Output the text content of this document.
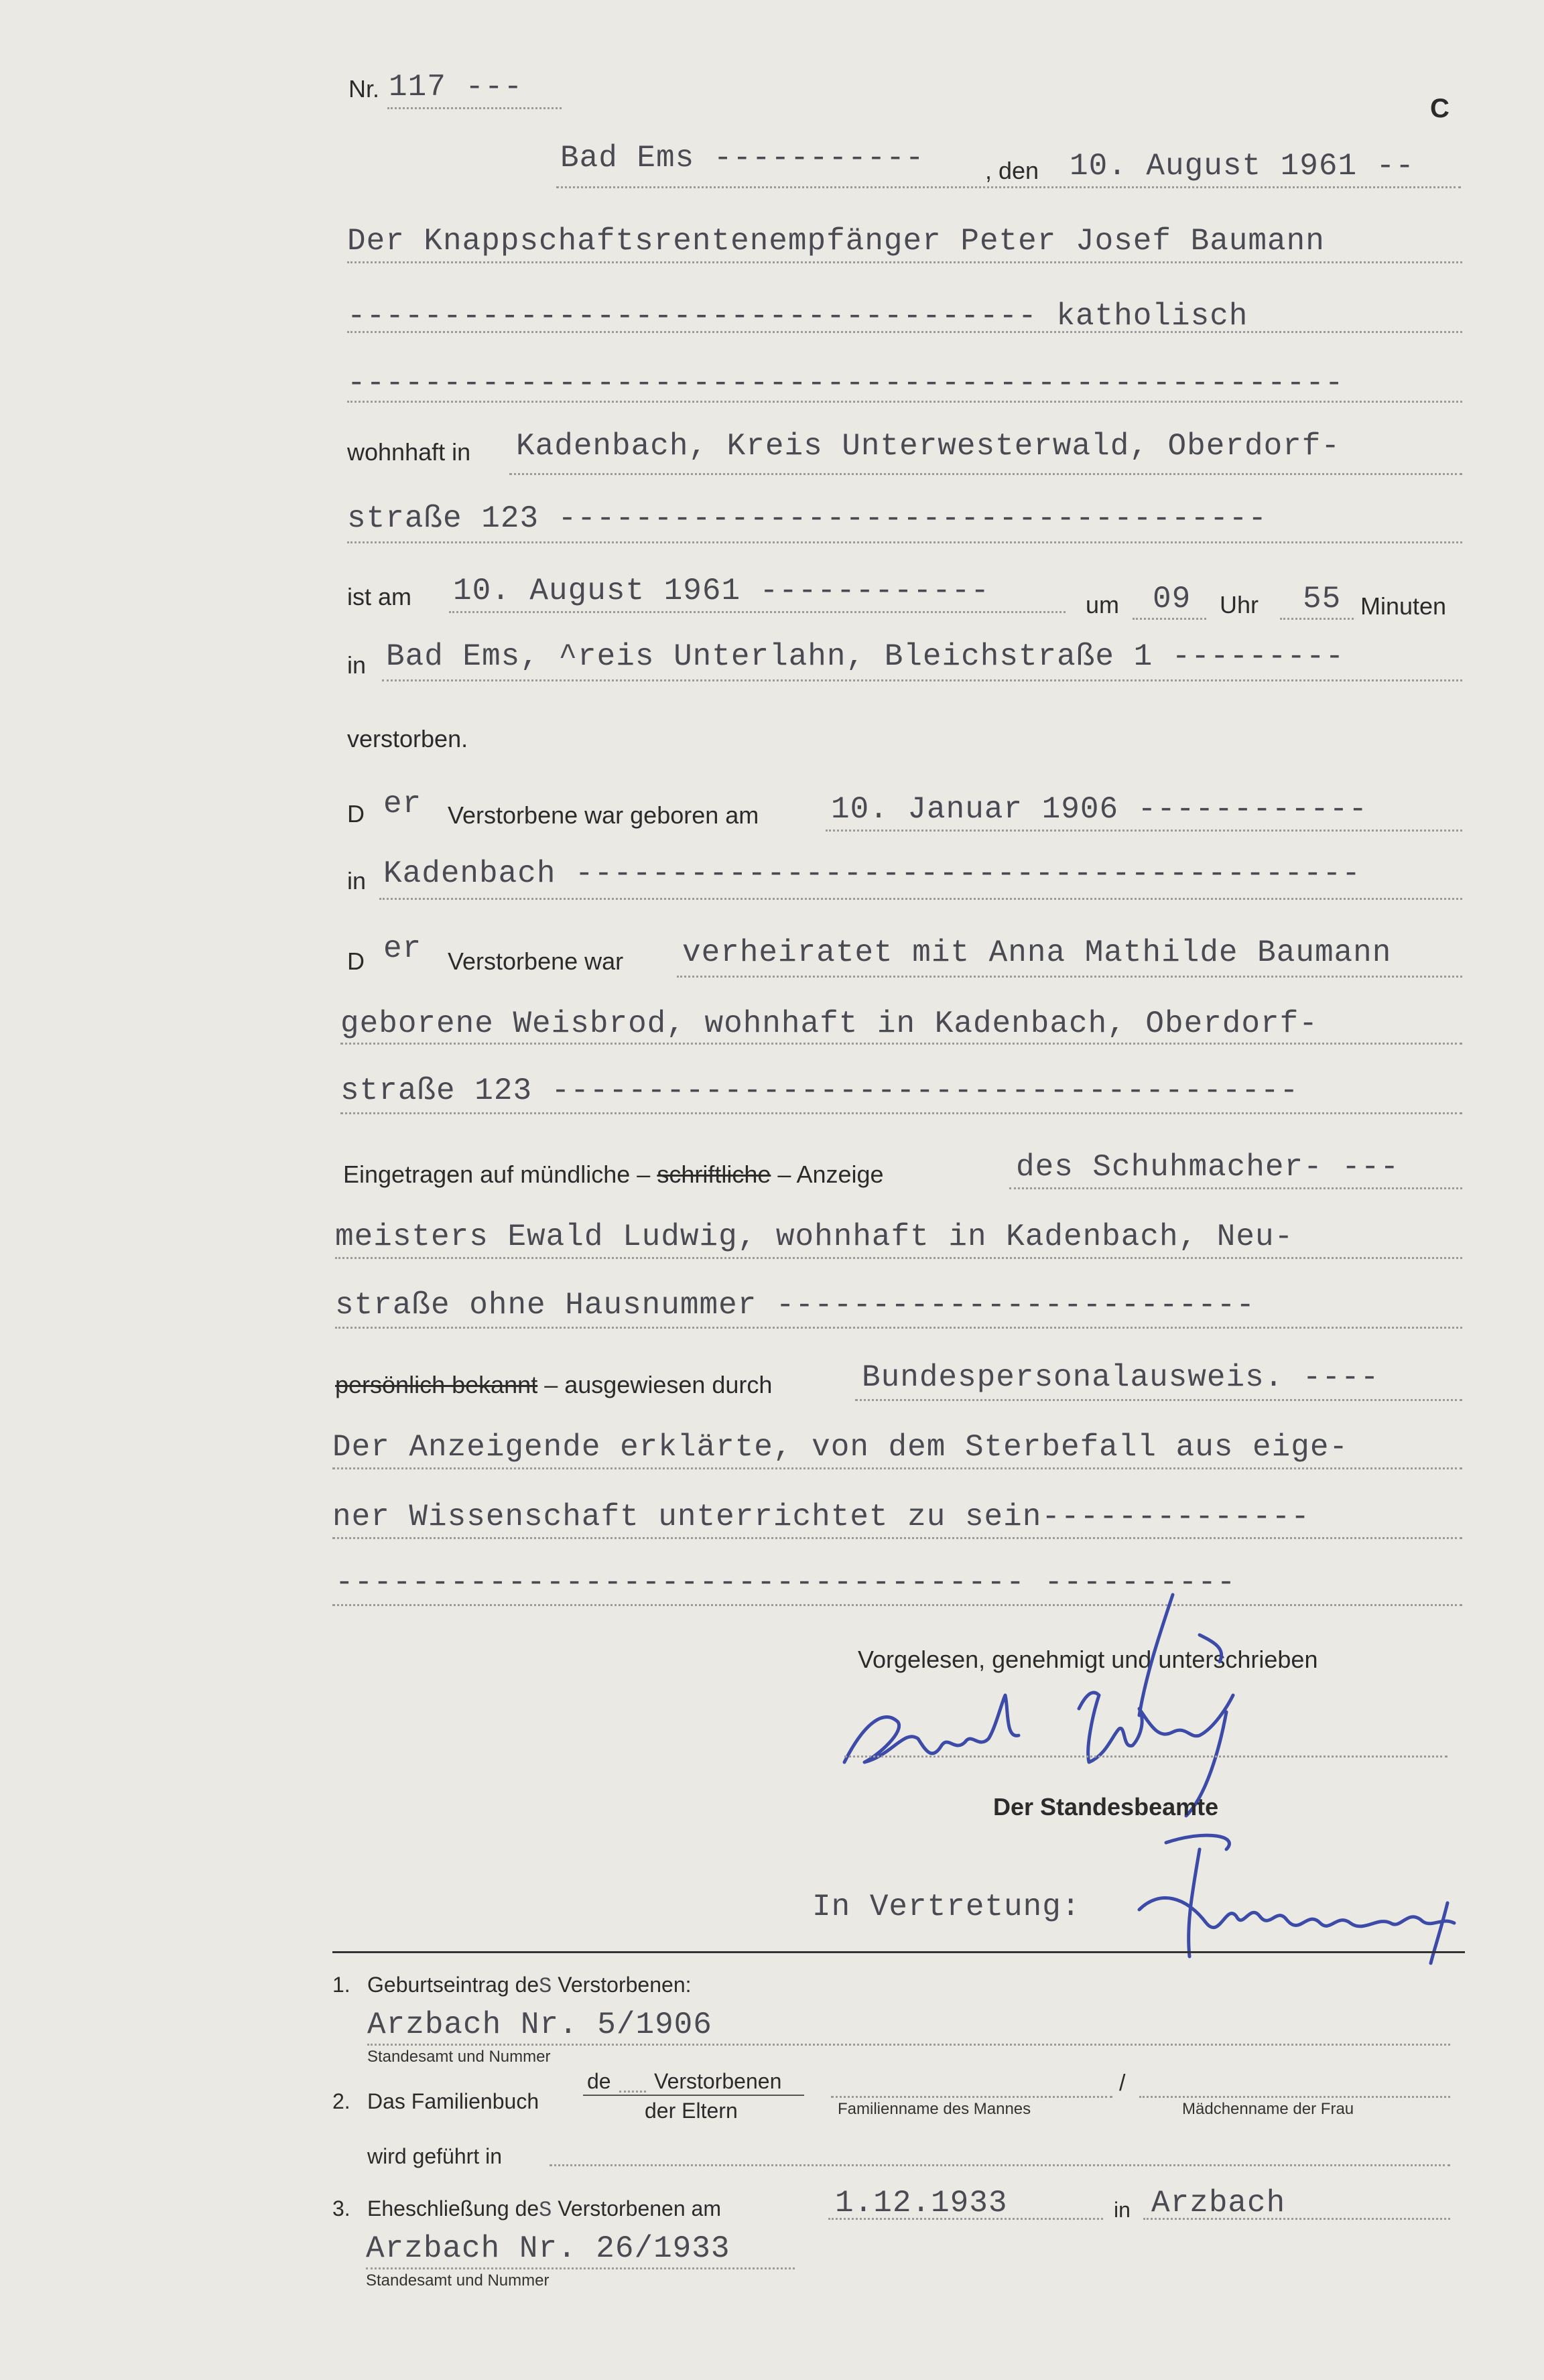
Nr. 117 ---
C
Bad Ems -----------	, den 10. August 1961 --
Der Knappschaftsrentenempfänger Peter Josef Baumann
------------------------------------ katholisch
----------------------------------------------------
wohnhaft in Kadenbach, Kreis Unterwesterwald, Oberdorf-
straße 123 -------------------------------------
ist am 10. August 1961 ------------	um 09 Uhr 55 Minuten
in Bad Ems, ^reis Unterlahn, Bleichstraße 1 ---------
verstorben.
D er Verstorbene war geboren am 10. Januar 1906 ------------
in Kadenbach -----------------------------------------
D er Verstorbene war verheiratet mit Anna Mathilde Baumann
geborene Weisbrod, wohnhaft in Kadenbach, Oberdorf-
straße 123 ---------------------------------------
Eingetragen auf mündliche – schriftliche – Anzeige	des Schuhmacher- ---
meisters Ewald Ludwig, wohnhaft in Kadenbach, Neu-
straße ohne Hausnummer -------------------------
persönlich bekannt – ausgewiesen durch	Bundespersonalausweis. ----
Der Anzeigende erklärte, von dem Sterbefall aus eige-
ner Wissenschaft unterrichtet zu sein--------------
------------------------------------ ----------
Vorgelesen, genehmigt und unterschrieben
Der Standesbeamte
In Vertretung:
1. Geburtseintrag deS Verstorbenen:
Arzbach Nr. 5/1906
Standesamt und Nummer
2. Das Familienbuch
de Verstorbenen
der Eltern
/
Familienname des Mannes	Mädchenname der Frau
wird geführt in
3. Eheschließung deS Verstorbenen am	1.12.1933	in Arzbach
Arzbach Nr. 26/1933
Standesamt und Nummer
